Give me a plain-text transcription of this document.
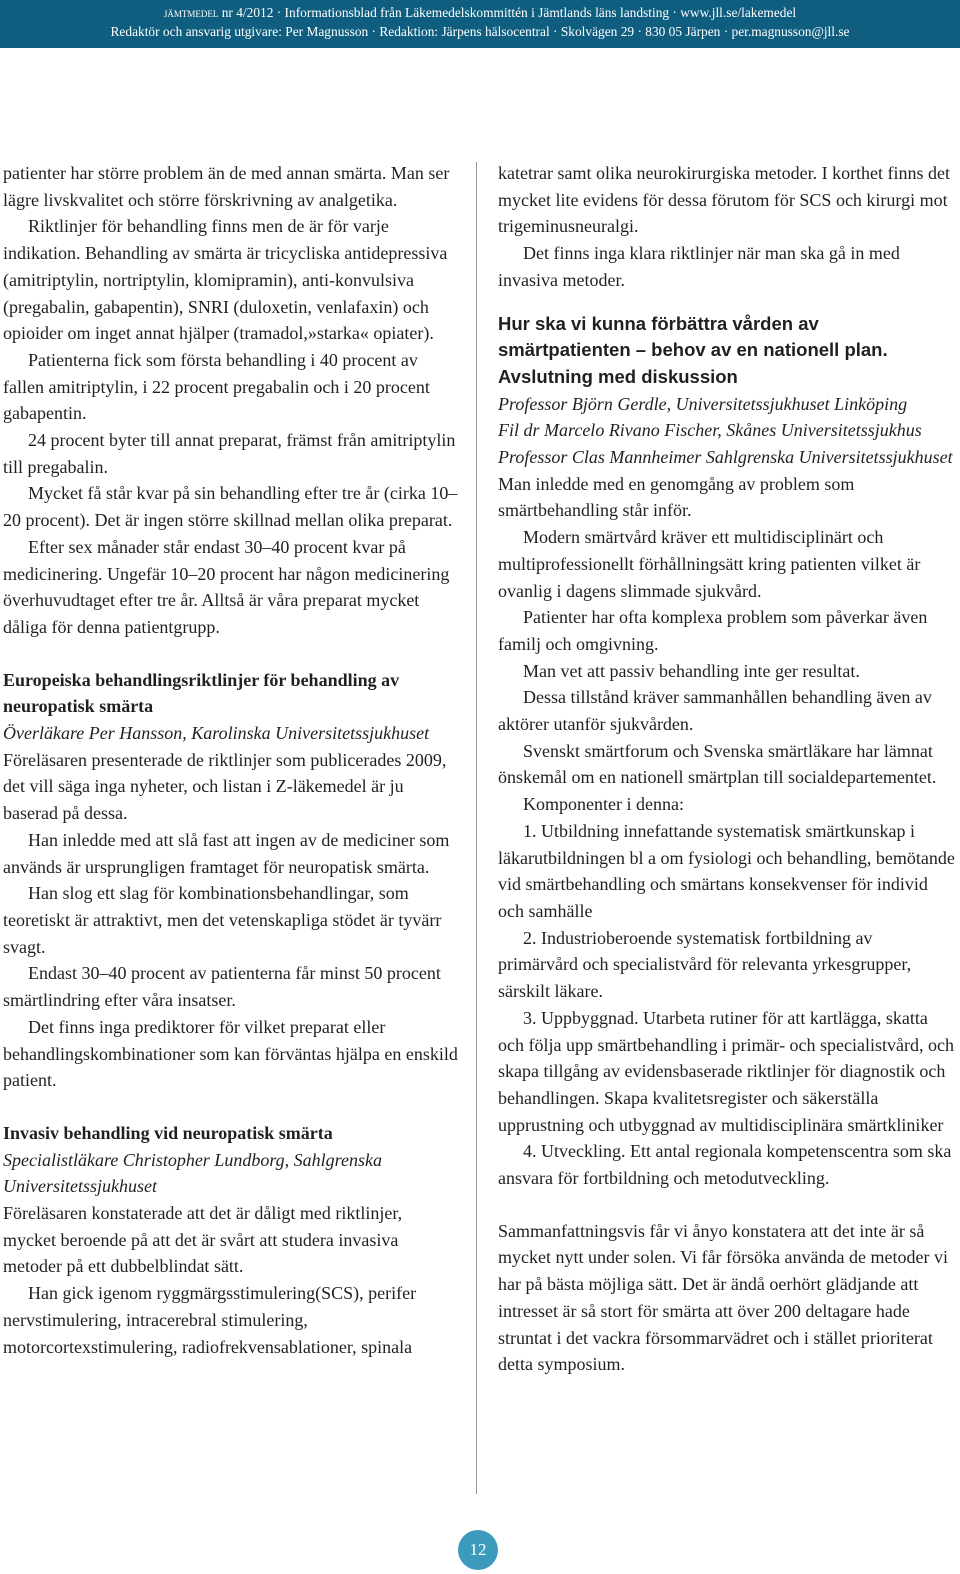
jämtmedel nr 4/2012 · Informationsblad från Läkemedelskommittén i Jämtlands läns landsting · www.jll.se/lakemedel
Redaktör och ansvarig utgivare: Per Magnusson · Redaktion: Järpens hälsocentral · Skolvägen 29 · 830 05 Järpen · per.magnusson@jll.se

patienter har större problem än de med annan smärta. Man ser lägre livskvalitet och större förskrivning av analgetika.

Riktlinjer för behandling finns men de är för varje indikation. Behandling av smärta är tricycliska antidepressiva (amitriptylin, nortriptylin, klomipramin), anti-konvulsiva (pregabalin, gabapentin), SNRI (duloxetin, venlafaxin) och opioider om inget annat hjälper (tramadol,»starka« opiater).

Patienterna fick som första behandling i 40 procent av fallen amitriptylin, i 22 procent pregabalin och i 20 procent gabapentin.

24 procent byter till annat preparat, främst från amitriptylin till pregabalin.

Mycket få står kvar på sin behandling efter tre år (cirka 10–20 procent). Det är ingen större skillnad mellan olika preparat.

Efter sex månader står endast 30–40 procent kvar på medicinering. Ungefär 10–20 procent har någon medicinering överhuvudtaget efter tre år. Alltså är våra preparat mycket dåliga för denna patientgrupp.

Europeiska behandlingsriktlinjer för behandling av neuropatisk smärta

Överläkare Per Hansson, Karolinska Universitetssjukhuset

Föreläsaren presenterade de riktlinjer som publicerades 2009, det vill säga inga nyheter, och listan i Z-läkemedel är ju baserad på dessa.

Han inledde med att slå fast att ingen av de mediciner som används är ursprungligen framtaget för neuropatisk smärta.

Han slog ett slag för kombinationsbehandlingar, som teoretiskt är attraktivt, men det vetenskapliga stödet är tyvärr svagt.

Endast 30–40 procent av patienterna får minst 50 procent smärtlindring efter våra insatser.

Det finns inga prediktorer för vilket preparat eller behandlingskombinationer som kan förväntas hjälpa en enskild patient.

Invasiv behandling vid neuropatisk smärta

Specialistläkare Christopher Lundborg, Sahlgrenska Universitetssjukhuset

Föreläsaren konstaterade att det är dåligt med riktlinjer, mycket beroende på att det är svårt att studera invasiva metoder på ett dubbelblindat sätt.

Han gick igenom ryggmärgsstimulering(SCS), perifer nervstimulering, intracerebral stimulering, motorcortexstimulering, radiofrekvensablationer, spinala

katetrar samt olika neurokirurgiska metoder. I korthet finns det mycket lite evidens för dessa förutom för SCS och kirurgi mot trigeminusneuralgi.

Det finns inga klara riktlinjer när man ska gå in med invasiva metoder.

Hur ska vi kunna förbättra vården av smärtpatienten – behov av en nationell plan. Avslutning med diskussion

Professor Björn Gerdle, Universitetssjukhuset Linköping

Fil dr Marcelo Rivano Fischer, Skånes Universitetssjukhus

Professor Clas Mannheimer Sahlgrenska Universitetssjukhuset

Man inledde med en genomgång av problem som smärtbehandling står inför.

Modern smärtvård kräver ett multidisciplinärt och multiprofessionellt förhållningsätt kring patienten vilket är ovanlig i dagens slimmade sjukvård.

Patienter har ofta komplexa problem som påverkar även familj och omgivning.

Man vet att passiv behandling inte ger resultat.

Dessa tillstånd kräver sammanhållen behandling även av aktörer utanför sjukvården.

Svenskt smärtforum och Svenska smärtläkare har lämnat önskemål om en nationell smärtplan till socialdepartementet.

Komponenter i denna:

1. Utbildning innefattande systematisk smärtkunskap i läkarutbildningen bl a om fysiologi och behandling, bemötande vid smärtbehandling och smärtans konsekvenser för individ och samhälle

2. Industrioberoende systematisk fortbildning av primärvård och specialistvård för relevanta yrkesgrupper, särskilt läkare.

3. Uppbyggnad. Utarbeta rutiner för att kartlägga, skatta och följa upp smärtbehandling i primär- och specialistvård, och skapa tillgång av evidensbaserade riktlinjer för diagnostik och behandlingen. Skapa kvalitetsregister och säkerställa upprustning och utbyggnad av multidisciplinära smärtkliniker

4. Utveckling. Ett antal regionala kompetenscentra som ska ansvara för fortbildning och metodutveckling.

Sammanfattningsvis får vi ånyo konstatera att det inte är så mycket nytt under solen. Vi får försöka använda de metoder vi har på bästa möjliga sätt. Det är ändå oerhört glädjande att intresset är så stort för smärta att över 200 deltagare hade struntat i det vackra försommarvädret och i stället prioriterat detta symposium.

12
